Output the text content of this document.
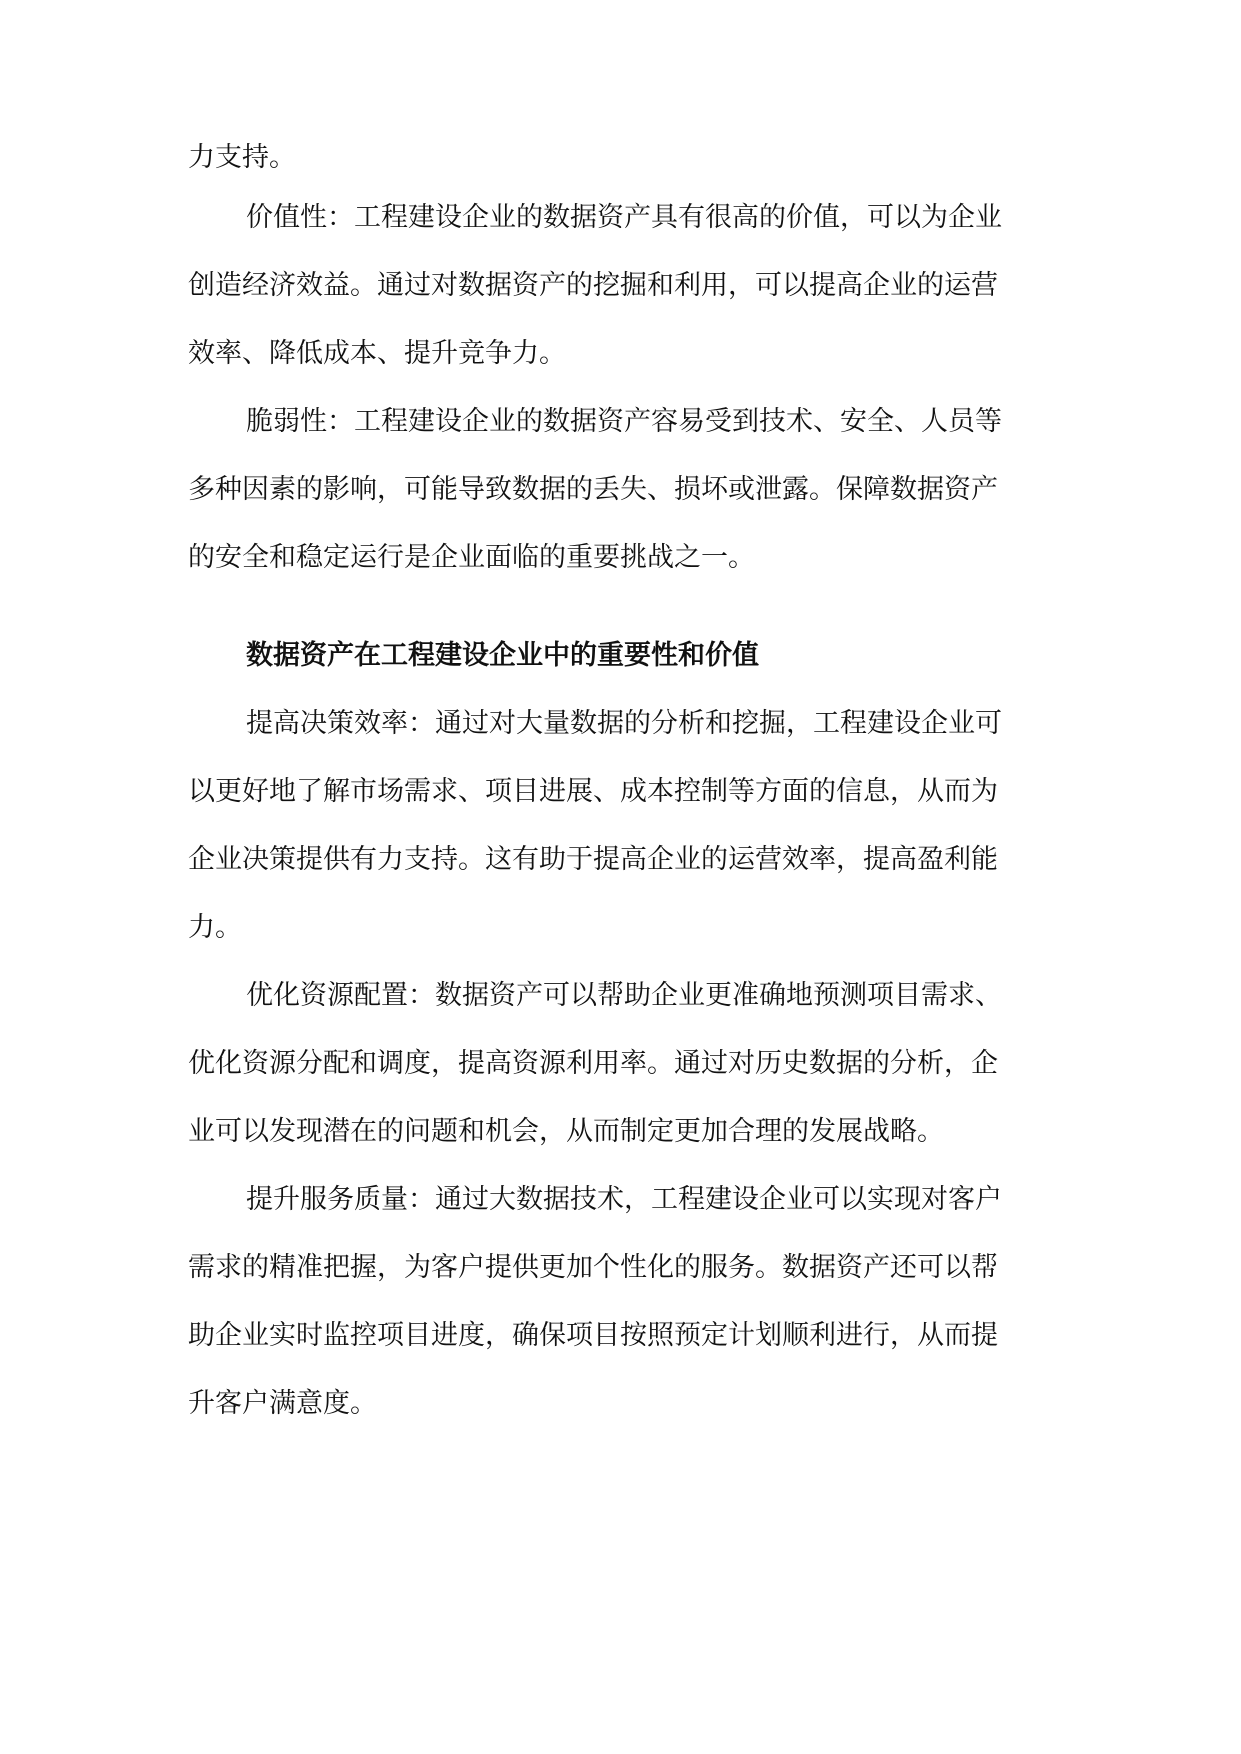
力支持。
价值性：工程建设企业的数据资产具有很高的价值，可以为企业
创造经济效益。通过对数据资产的挖掘和利用，可以提高企业的运营
效率、降低成本、提升竞争力。
脆弱性：工程建设企业的数据资产容易受到技术、安全、人员等
多种因素的影响，可能导致数据的丢失、损坏或泄露。保障数据资产
的安全和稳定运行是企业面临的重要挑战之一。
数据资产在工程建设企业中的重要性和价值
提高决策效率：通过对大量数据的分析和挖掘，工程建设企业可
以更好地了解市场需求、项目进展、成本控制等方面的信息，从而为
企业决策提供有力支持。这有助于提高企业的运营效率，提高盈利能
力。
优化资源配置：数据资产可以帮助企业更准确地预测项目需求、
优化资源分配和调度，提高资源利用率。通过对历史数据的分析，企
业可以发现潜在的问题和机会，从而制定更加合理的发展战略。
提升服务质量：通过大数据技术，工程建设企业可以实现对客户
需求的精准把握，为客户提供更加个性化的服务。数据资产还可以帮
助企业实时监控项目进度，确保项目按照预定计划顺利进行，从而提
升客户满意度。
